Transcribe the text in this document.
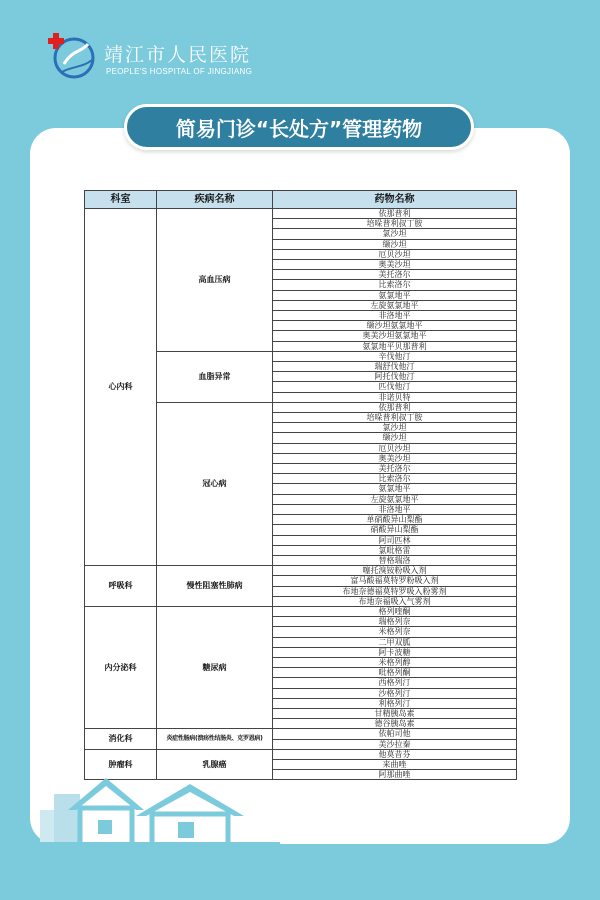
靖江市人民医院
PEOPLE'S HOSPITAL OF JINGJIANG
简易门诊“长处方”管理药物
科室	疾病名称	药物名称
心内科	高血压病	依那普利
		培哚普利叔丁胺
		氯沙坦
		缬沙坦
		厄贝沙坦
		奥美沙坦
		美托洛尔
		比索洛尔
		氨氯地平
		左旋氨氯地平
		非洛地平
		缬沙坦氨氯地平
		奥美沙坦氨氯地平
		氨氯地平贝那普利
	血脂异常	辛伐他汀
		瑞舒伐他汀
		阿托伐他汀
		匹伐他汀
		非诺贝特
	冠心病	依那普利
		培哚普利叔丁胺
		氯沙坦
		缬沙坦
		厄贝沙坦
		奥美沙坦
		美托洛尔
		比索洛尔
		氨氯地平
		左旋氨氯地平
		非洛地平
		单硝酸异山梨酯
		硝酸异山梨酯
		阿司匹林
		氯吡格雷
		替格瑞洛
呼吸科	慢性阻塞性肺病	噻托溴铵粉吸入剂
		富马酸福莫特罗粉吸入剂
		布地奈德福莫特罗吸入粉雾剂
		布地奈福吸入气雾剂
内分泌科	糖尿病	格列喹酮
		瑞格列奈
		米格列奈
		二甲双胍
		阿卡波糖
		米格列醇
		吡格列酮
		西格列汀
		沙格列汀
		利格列汀
		甘精胰岛素
		德谷胰岛素
消化科	炎症性肠病(溃疡性结肠炎、克罗恩病)	依帕司他
		美沙拉秦
肿瘤科	乳腺癌	他莫昔芬
		来曲唑
		阿那曲唑
